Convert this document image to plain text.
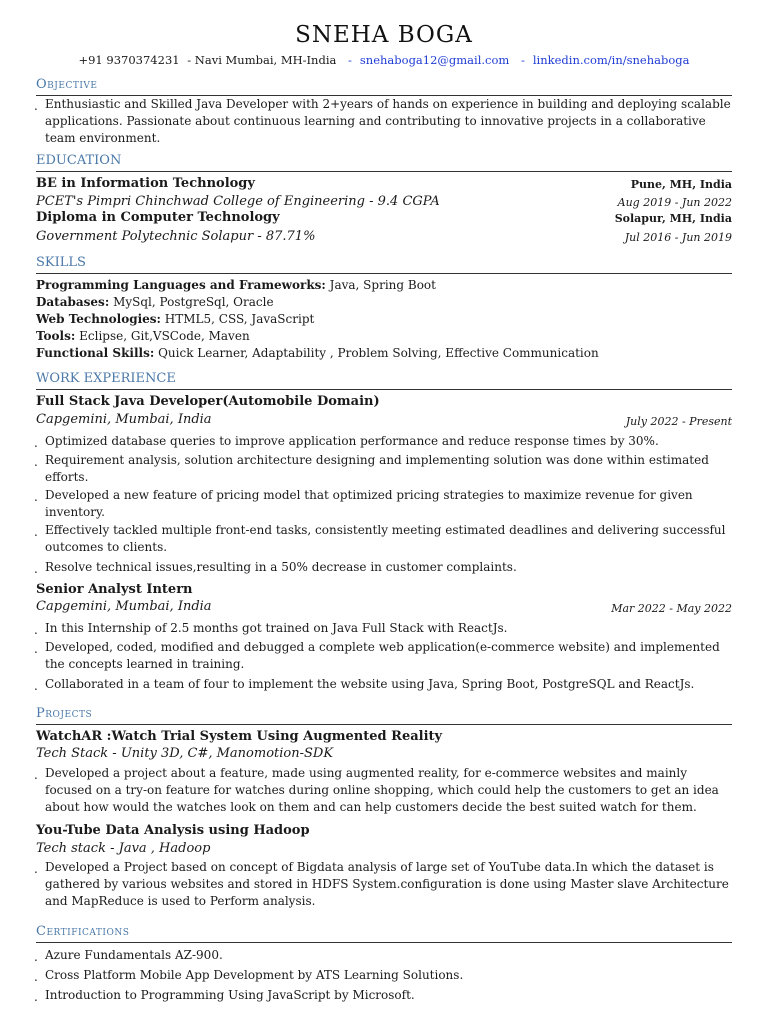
SNEHA BOGA
+91 9370374231 - Navi Mumbai, MH-India - snehaboga12@gmail.com - linkedin.com/in/snehaboga
Objective
. Enthusiastic and Skilled Java Developer with 2+years of hands on experience in building and deploying scalable applications. Passionate about continuous learning and contributing to innovative projects in a collaborative team environment.
EDUCATION
BE in Information Technology	Pune, MH, India
PCET's Pimpri Chinchwad College of Engineering - 9.4 CGPA	Aug 2019 - Jun 2022
Diploma in Computer Technology	Solapur, MH, India
Government Polytechnic Solapur - 87.71%	Jul 2016 - Jun 2019
SKILLS
Programming Languages and Frameworks: Java, Spring Boot
Databases: MySql, PostgreSql, Oracle
Web Technologies: HTML5, CSS, JavaScript
Tools: Eclipse, Git,VSCode, Maven
Functional Skills: Quick Learner, Adaptability , Problem Solving, Effective Communication
WORK EXPERIENCE
Full Stack Java Developer(Automobile Domain)
Capgemini, Mumbai, India	July 2022 - Present
. Optimized database queries to improve application performance and reduce response times by 30%.
. Requirement analysis, solution architecture designing and implementing solution was done within estimated efforts.
. Developed a new feature of pricing model that optimized pricing strategies to maximize revenue for given inventory.
. Effectively tackled multiple front-end tasks, consistently meeting estimated deadlines and delivering successful outcomes to clients.
. Resolve technical issues,resulting in a 50% decrease in customer complaints.
Senior Analyst Intern
Capgemini, Mumbai, India	Mar 2022 - May 2022
. In this Internship of 2.5 months got trained on Java Full Stack with ReactJs.
. Developed, coded, modified and debugged a complete web application(e-commerce website) and implemented the concepts learned in training.
. Collaborated in a team of four to implement the website using Java, Spring Boot, PostgreSQL and ReactJs.
Projects
WatchAR :Watch Trial System Using Augmented Reality
Tech Stack - Unity 3D, C#, Manomotion-SDK
. Developed a project about a feature, made using augmented reality, for e-commerce websites and mainly focused on a try-on feature for watches during online shopping, which could help the customers to get an idea about how would the watches look on them and can help customers decide the best suited watch for them.
You-Tube Data Analysis using Hadoop
Tech stack - Java , Hadoop
. Developed a Project based on concept of Bigdata analysis of large set of YouTube data.In which the dataset is gathered by various websites and stored in HDFS System.configuration is done using Master slave Architecture and MapReduce is used to Perform analysis.
Certifications
. Azure Fundamentals AZ-900.
. Cross Platform Mobile App Development by ATS Learning Solutions.
. Introduction to Programming Using JavaScript by Microsoft.
